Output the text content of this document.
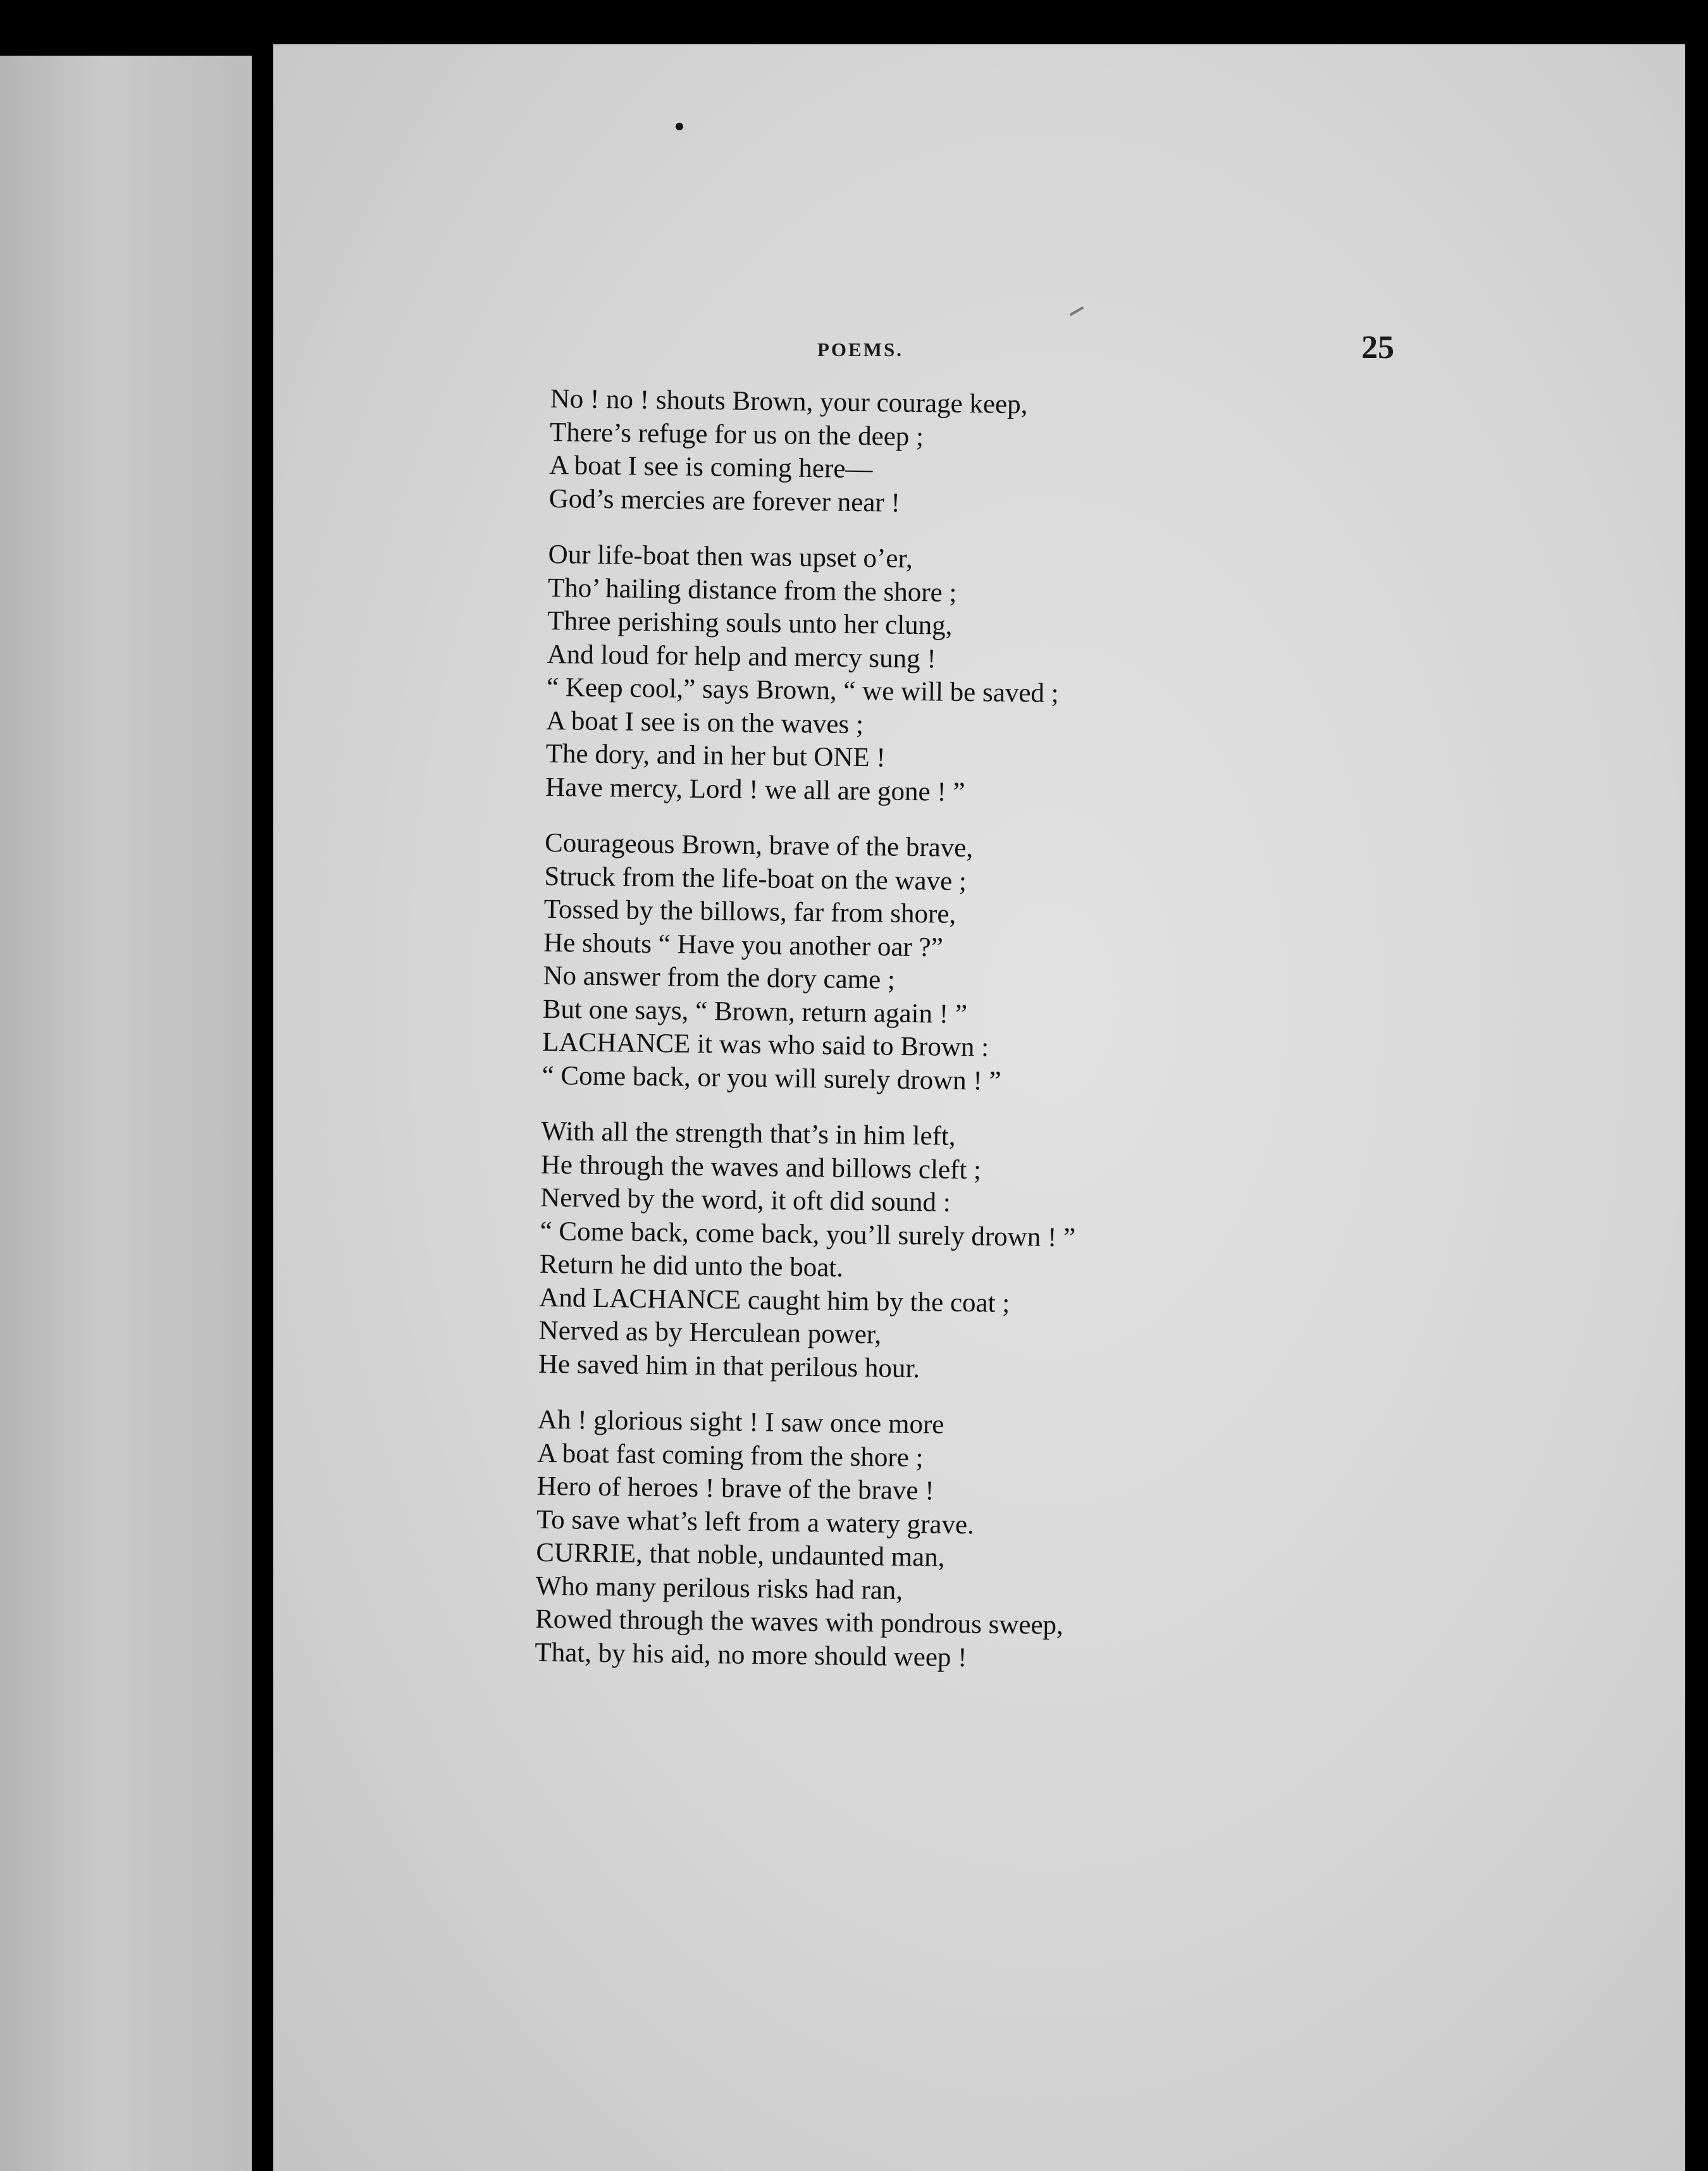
POEMS.	25
No ! no ! shouts Brown, your courage keep,
There’s refuge for us on the deep ;
A boat I see is coming here—
God’s mercies are forever near !
Our life-boat then was upset o’er,
Tho’ hailing distance from the shore ;
Three perishing souls unto her clung,
And loud for help and mercy sung !
“ Keep cool,” says Brown, “ we will be saved ;
A boat I see is on the waves ;
The dory, and in her but ONE !
Have mercy, Lord ! we all are gone ! ”
Courageous Brown, brave of the brave,
Struck from the life-boat on the wave ;
Tossed by the billows, far from shore,
He shouts “ Have you another oar ?”
No answer from the dory came ;
But one says, “ Brown, return again ! ”
LACHANCE it was who said to Brown :
“ Come back, or you will surely drown ! ”
With all the strength that’s in him left,
He through the waves and billows cleft ;
Nerved by the word, it oft did sound :
“ Come back, come back, you’ll surely drown ! ”
Return he did unto the boat.
And LACHANCE caught him by the coat ;
Nerved as by Herculean power,
He saved him in that perilous hour.
Ah ! glorious sight ! I saw once more
A boat fast coming from the shore ;
Hero of heroes ! brave of the brave !
To save what’s left from a watery grave.
CURRIE, that noble, undaunted man,
Who many perilous risks had ran,
Rowed through the waves with pondrous sweep,
That, by his aid, no more should weep !
